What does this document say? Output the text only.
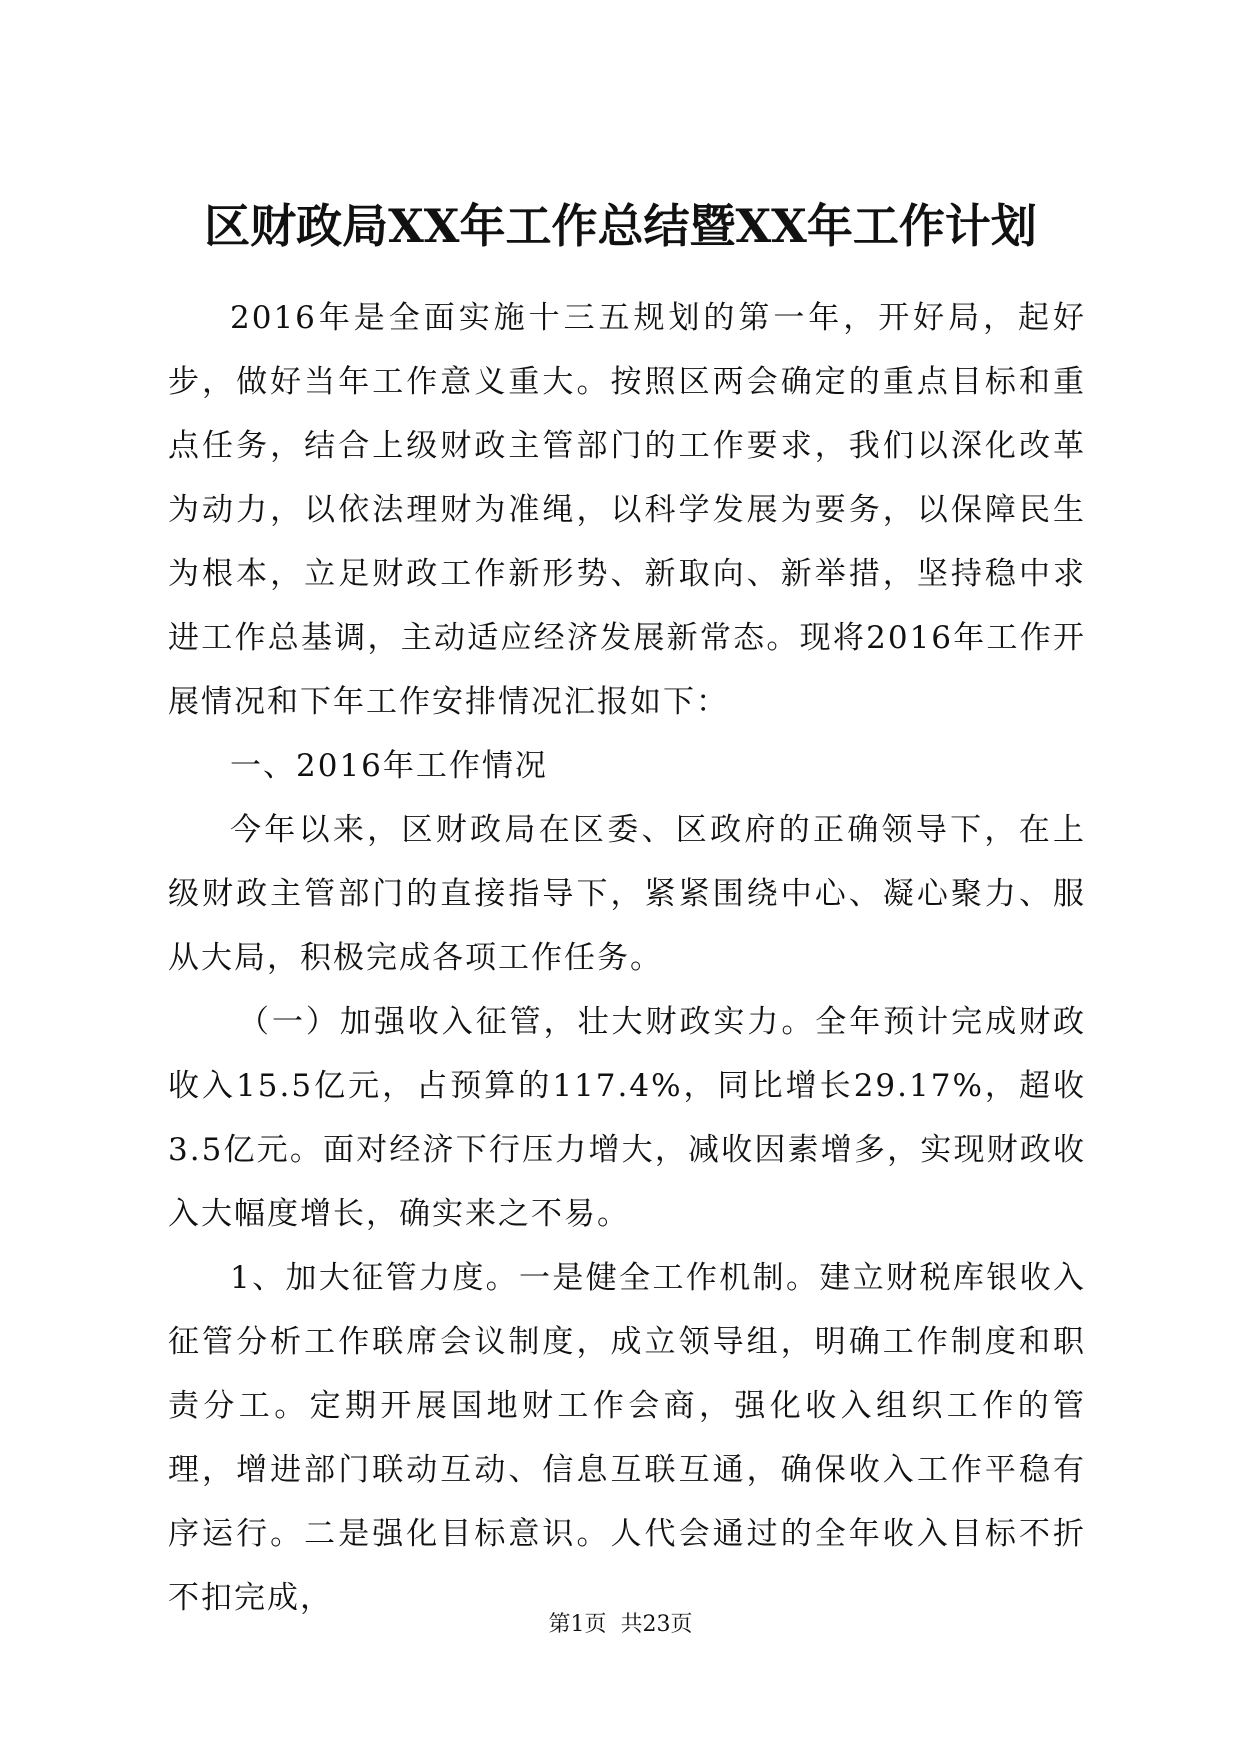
区财政局XX年工作总结暨XX年工作计划

2016年是全面实施十三五规划的第一年，开好局，起好步，做好当年工作意义重大。按照区两会确定的重点目标和重点任务，结合上级财政主管部门的工作要求，我们以深化改革为动力，以依法理财为准绳，以科学发展为要务，以保障民生为根本，立足财政工作新形势、新取向、新举措，坚持稳中求进工作总基调，主动适应经济发展新常态。现将2016年工作开展情况和下年工作安排情况汇报如下：

一、2016年工作情况

今年以来，区财政局在区委、区政府的正确领导下，在上级财政主管部门的直接指导下，紧紧围绕中心、凝心聚力、服从大局，积极完成各项工作任务。

（一）加强收入征管，壮大财政实力。全年预计完成财政收入15.5亿元，占预算的117.4%，同比增长29.17%，超收3.5亿元。面对经济下行压力增大，减收因素增多，实现财政收入大幅度增长，确实来之不易。

1、加大征管力度。一是健全工作机制。建立财税库银收入征管分析工作联席会议制度，成立领导组，明确工作制度和职责分工。定期开展国地财工作会商，强化收入组织工作的管理，增进部门联动互动、信息互联互通，确保收入工作平稳有序运行。二是强化目标意识。人代会通过的全年收入目标不折不扣完成，

第1页 共23页
